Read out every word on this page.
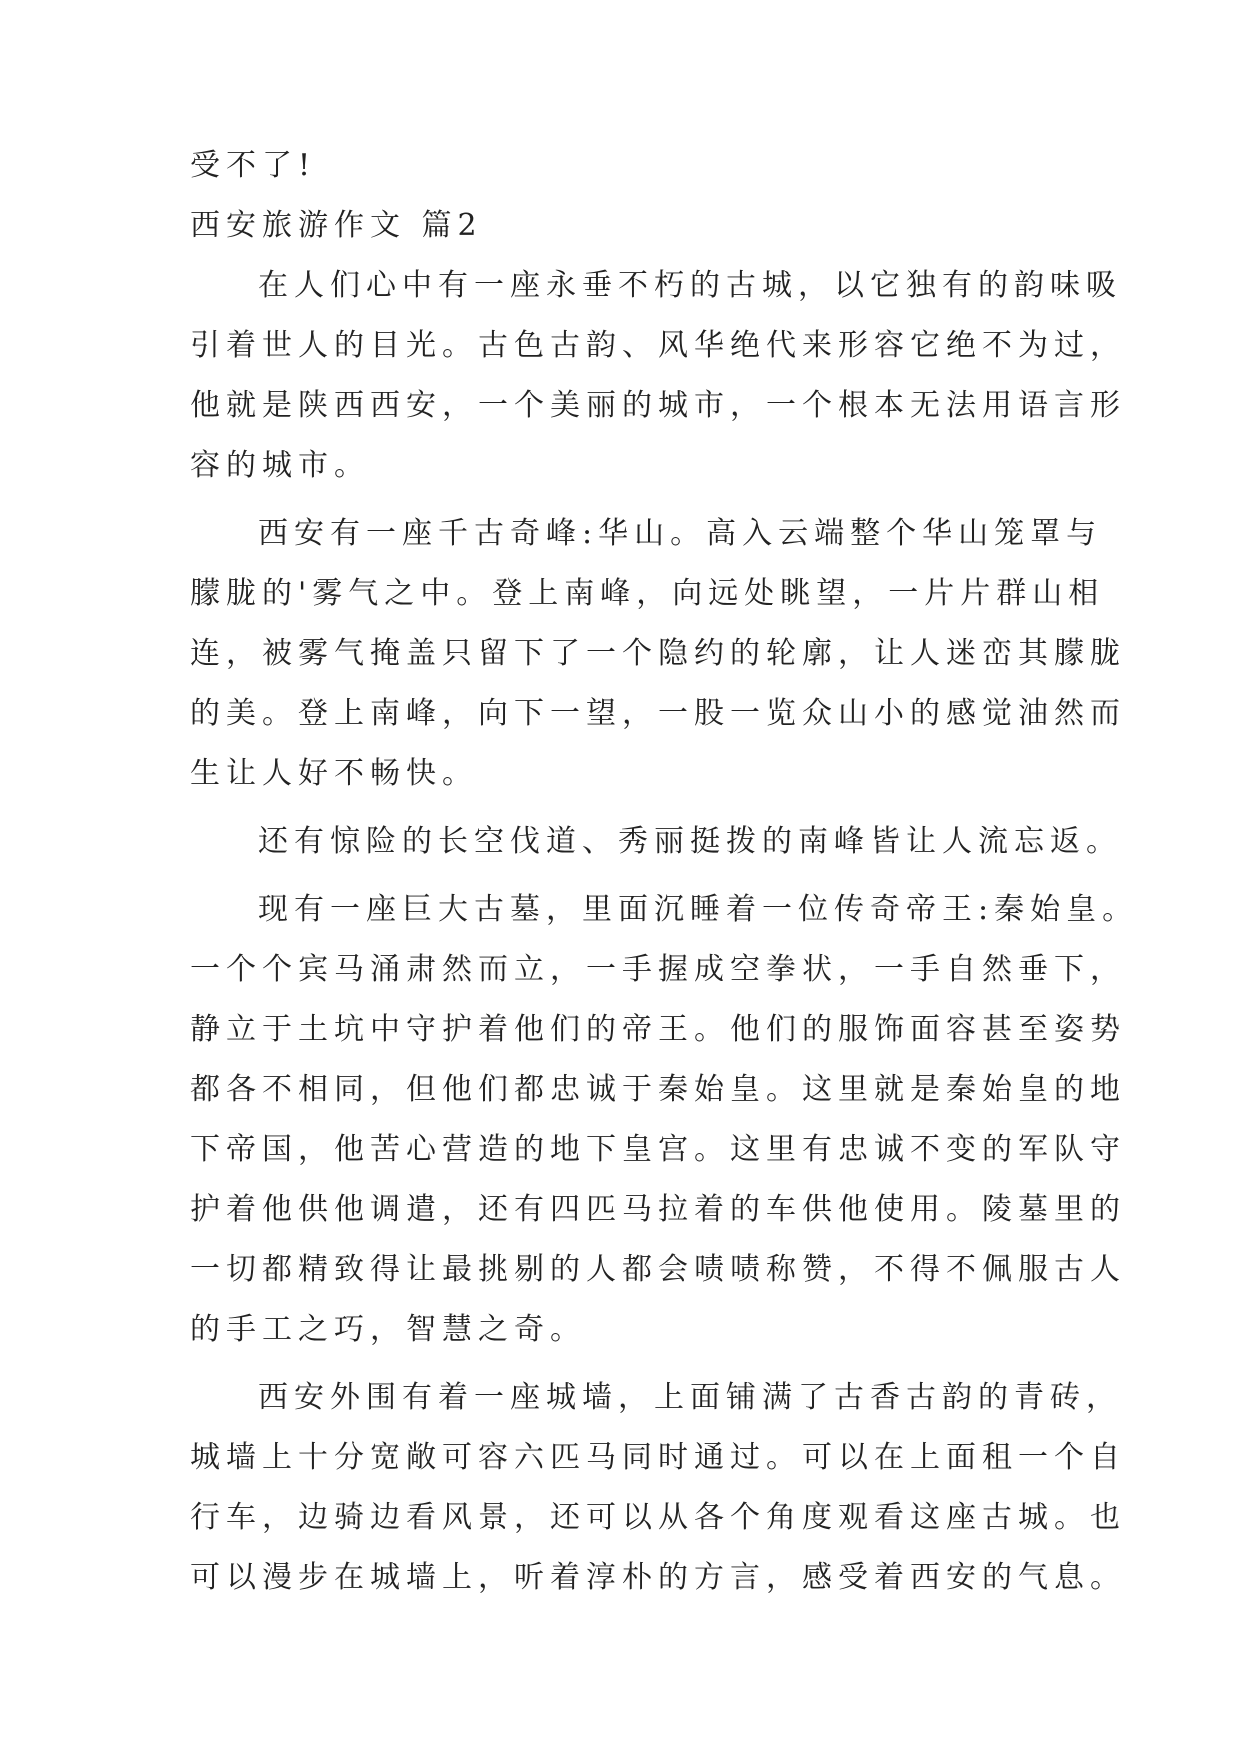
受不了!
西安旅游作文 篇2
在人们心中有一座永垂不朽的古城，以它独有的韵味吸
引着世人的目光。古色古韵、风华绝代来形容它绝不为过，
他就是陕西西安，一个美丽的城市，一个根本无法用语言形
容的城市。
西安有一座千古奇峰:华山。高入云端整个华山笼罩与
朦胧的'雾气之中。登上南峰，向远处眺望，一片片群山相
连，被雾气掩盖只留下了一个隐约的轮廓，让人迷峦其朦胧
的美。登上南峰，向下一望，一股一览众山小的感觉油然而
生让人好不畅快。
还有惊险的长空伐道、秀丽挺拨的南峰皆让人流忘返。
现有一座巨大古墓，里面沉睡着一位传奇帝王:秦始皇。
一个个宾马涌肃然而立，一手握成空拳状，一手自然垂下，
静立于土坑中守护着他们的帝王。他们的服饰面容甚至姿势
都各不相同，但他们都忠诚于秦始皇。这里就是秦始皇的地
下帝国，他苦心营造的地下皇宫。这里有忠诚不变的军队守
护着他供他调遣，还有四匹马拉着的车供他使用。陵墓里的
一切都精致得让最挑剔的人都会啧啧称赞，不得不佩服古人
的手工之巧，智慧之奇。
西安外围有着一座城墙，上面铺满了古香古韵的青砖，
城墙上十分宽敞可容六匹马同时通过。可以在上面租一个自
行车，边骑边看风景，还可以从各个角度观看这座古城。也
可以漫步在城墙上，听着淳朴的方言，感受着西安的气息。
